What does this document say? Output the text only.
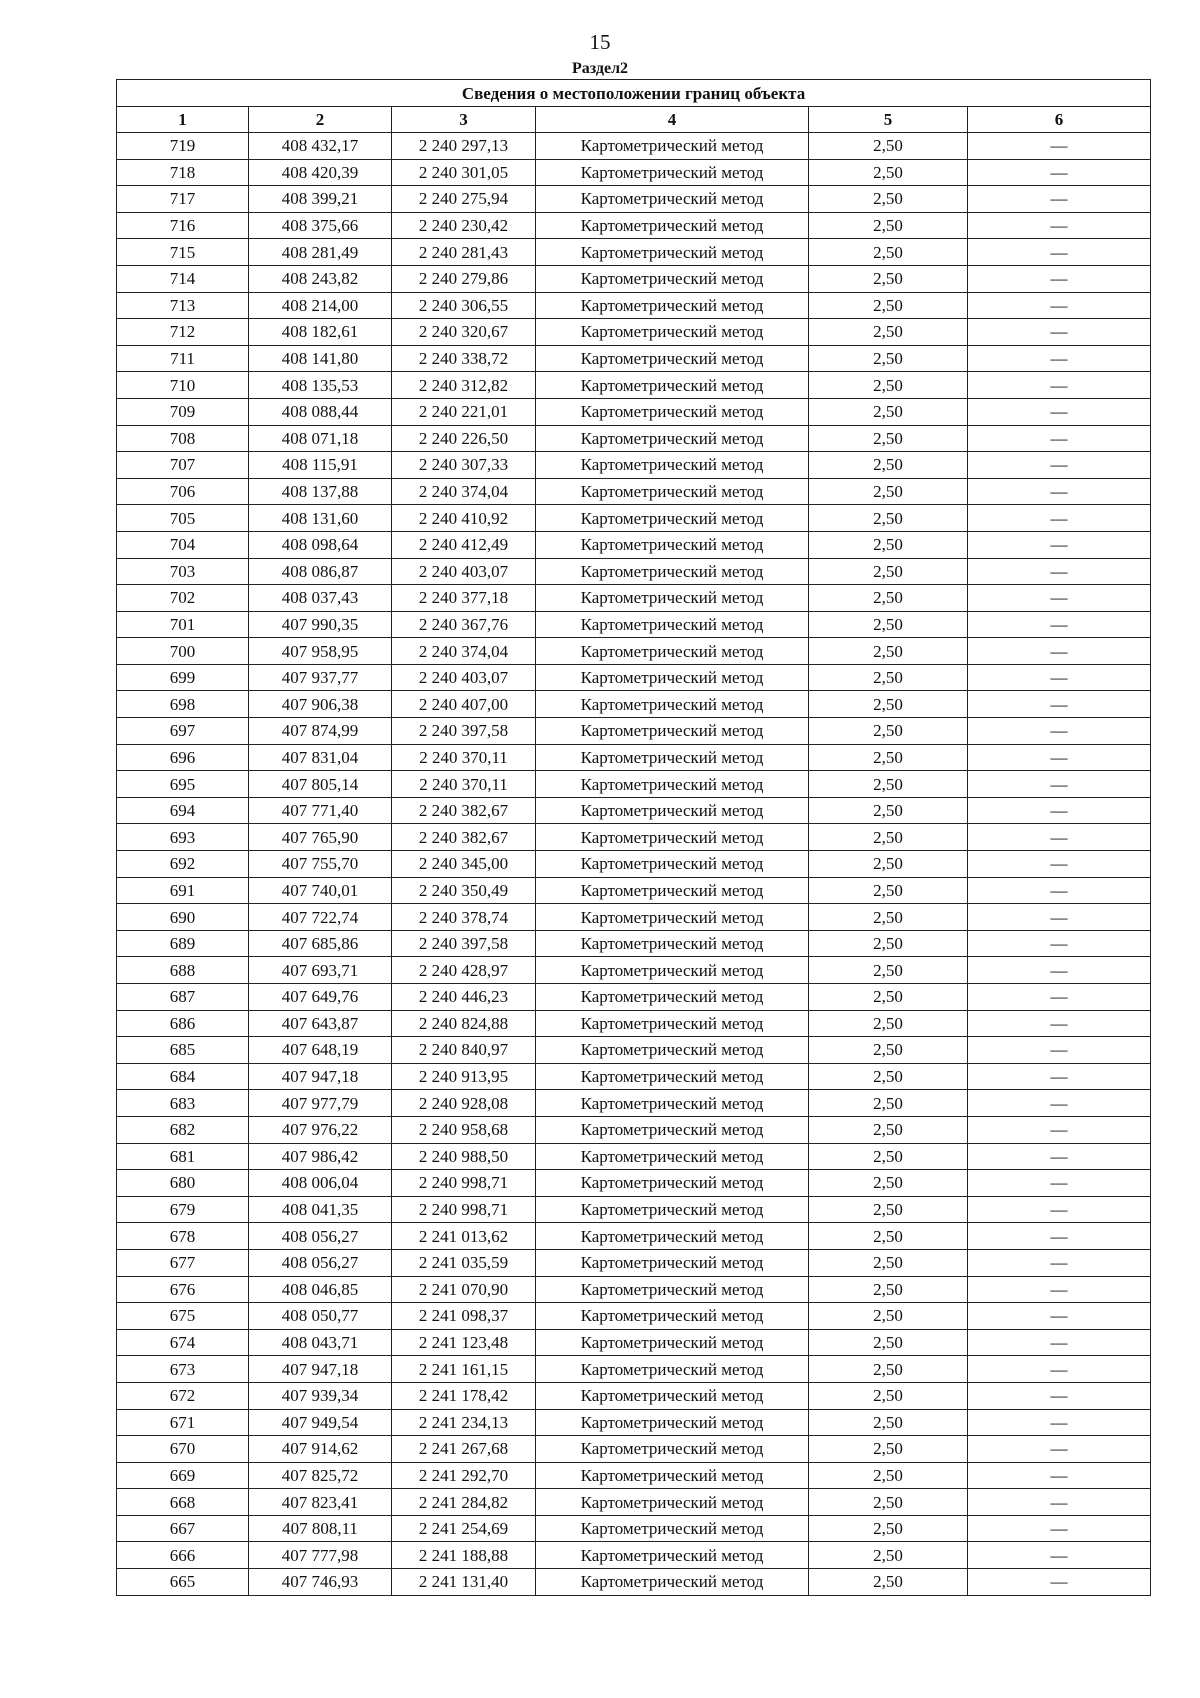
15
Раздел2
Сведения о местоположении границ объекта					
1	2	3	4	5	6
719	408 432,17	2 240 297,13	Картометрический метод	2,50	—
718	408 420,39	2 240 301,05	Картометрический метод	2,50	—
717	408 399,21	2 240 275,94	Картометрический метод	2,50	—
716	408 375,66	2 240 230,42	Картометрический метод	2,50	—
715	408 281,49	2 240 281,43	Картометрический метод	2,50	—
714	408 243,82	2 240 279,86	Картометрический метод	2,50	—
713	408 214,00	2 240 306,55	Картометрический метод	2,50	—
712	408 182,61	2 240 320,67	Картометрический метод	2,50	—
711	408 141,80	2 240 338,72	Картометрический метод	2,50	—
710	408 135,53	2 240 312,82	Картометрический метод	2,50	—
709	408 088,44	2 240 221,01	Картометрический метод	2,50	—
708	408 071,18	2 240 226,50	Картометрический метод	2,50	—
707	408 115,91	2 240 307,33	Картометрический метод	2,50	—
706	408 137,88	2 240 374,04	Картометрический метод	2,50	—
705	408 131,60	2 240 410,92	Картометрический метод	2,50	—
704	408 098,64	2 240 412,49	Картометрический метод	2,50	—
703	408 086,87	2 240 403,07	Картометрический метод	2,50	—
702	408 037,43	2 240 377,18	Картометрический метод	2,50	—
701	407 990,35	2 240 367,76	Картометрический метод	2,50	—
700	407 958,95	2 240 374,04	Картометрический метод	2,50	—
699	407 937,77	2 240 403,07	Картометрический метод	2,50	—
698	407 906,38	2 240 407,00	Картометрический метод	2,50	—
697	407 874,99	2 240 397,58	Картометрический метод	2,50	—
696	407 831,04	2 240 370,11	Картометрический метод	2,50	—
695	407 805,14	2 240 370,11	Картометрический метод	2,50	—
694	407 771,40	2 240 382,67	Картометрический метод	2,50	—
693	407 765,90	2 240 382,67	Картометрический метод	2,50	—
692	407 755,70	2 240 345,00	Картометрический метод	2,50	—
691	407 740,01	2 240 350,49	Картометрический метод	2,50	—
690	407 722,74	2 240 378,74	Картометрический метод	2,50	—
689	407 685,86	2 240 397,58	Картометрический метод	2,50	—
688	407 693,71	2 240 428,97	Картометрический метод	2,50	—
687	407 649,76	2 240 446,23	Картометрический метод	2,50	—
686	407 643,87	2 240 824,88	Картометрический метод	2,50	—
685	407 648,19	2 240 840,97	Картометрический метод	2,50	—
684	407 947,18	2 240 913,95	Картометрический метод	2,50	—
683	407 977,79	2 240 928,08	Картометрический метод	2,50	—
682	407 976,22	2 240 958,68	Картометрический метод	2,50	—
681	407 986,42	2 240 988,50	Картометрический метод	2,50	—
680	408 006,04	2 240 998,71	Картометрический метод	2,50	—
679	408 041,35	2 240 998,71	Картометрический метод	2,50	—
678	408 056,27	2 241 013,62	Картометрический метод	2,50	—
677	408 056,27	2 241 035,59	Картометрический метод	2,50	—
676	408 046,85	2 241 070,90	Картометрический метод	2,50	—
675	408 050,77	2 241 098,37	Картометрический метод	2,50	—
674	408 043,71	2 241 123,48	Картометрический метод	2,50	—
673	407 947,18	2 241 161,15	Картометрический метод	2,50	—
672	407 939,34	2 241 178,42	Картометрический метод	2,50	—
671	407 949,54	2 241 234,13	Картометрический метод	2,50	—
670	407 914,62	2 241 267,68	Картометрический метод	2,50	—
669	407 825,72	2 241 292,70	Картометрический метод	2,50	—
668	407 823,41	2 241 284,82	Картометрический метод	2,50	—
667	407 808,11	2 241 254,69	Картометрический метод	2,50	—
666	407 777,98	2 241 188,88	Картометрический метод	2,50	—
665	407 746,93	2 241 131,40	Картометрический метод	2,50	—
